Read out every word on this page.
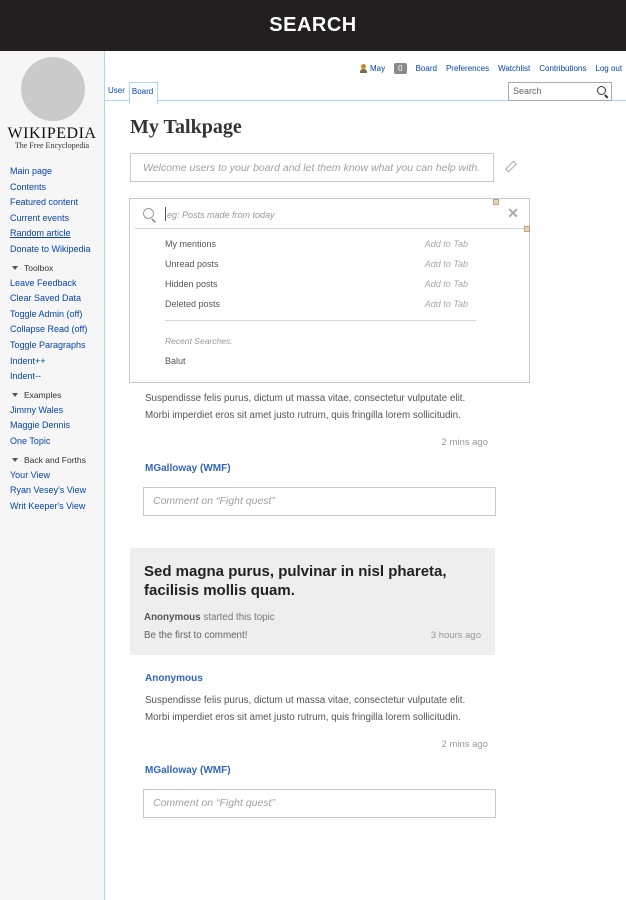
SEARCH
WIKIPEDIA
The Free Encyclopedia
Main page
Contents
Featured content
Current events
Random article
Donate to Wikipedia
Toolbox
Leave Feedback
Clear Saved Data
Toggle Admin (off)
Collapse Read (off)
Toggle Paragraphs
Indent++
Indent--
Examples
Jimmy Wales
Maggie Dennis
One Topic
Back and Forths
Your View
Ryan Vesey's View
Writ Keeper's View
May	0	Board Preferences Watchlist Contributions Log out
User Board	Search
My Talkpage
Welcome users to your board and let them know what you can help with.
eg: Posts made from today	✕
My mentions	Add to Tab
Unread posts	Add to Tab
Hidden posts	Add to Tab
Deleted posts	Add to Tab
Recent Searches:
Balut
Suspendisse felis purus, dictum ut massa vitae, consectetur vulputate elit.
Morbi imperdiet eros sit amet justo rutrum, quis fringilla lorem sollicitudin.
2 mins ago
MGalloway (WMF)
Comment on “Fight quest”
Sed magna purus, pulvinar in nisl phareta, facilisis mollis quam.
Anonymous started this topic
Be the first to comment!	3 hours ago
Anonymous
Suspendisse felis purus, dictum ut massa vitae, consectetur vulputate elit.
Morbi imperdiet eros sit amet justo rutrum, quis fringilla lorem sollicitudin.
2 mins ago
MGalloway (WMF)
Comment on “Fight quest”
